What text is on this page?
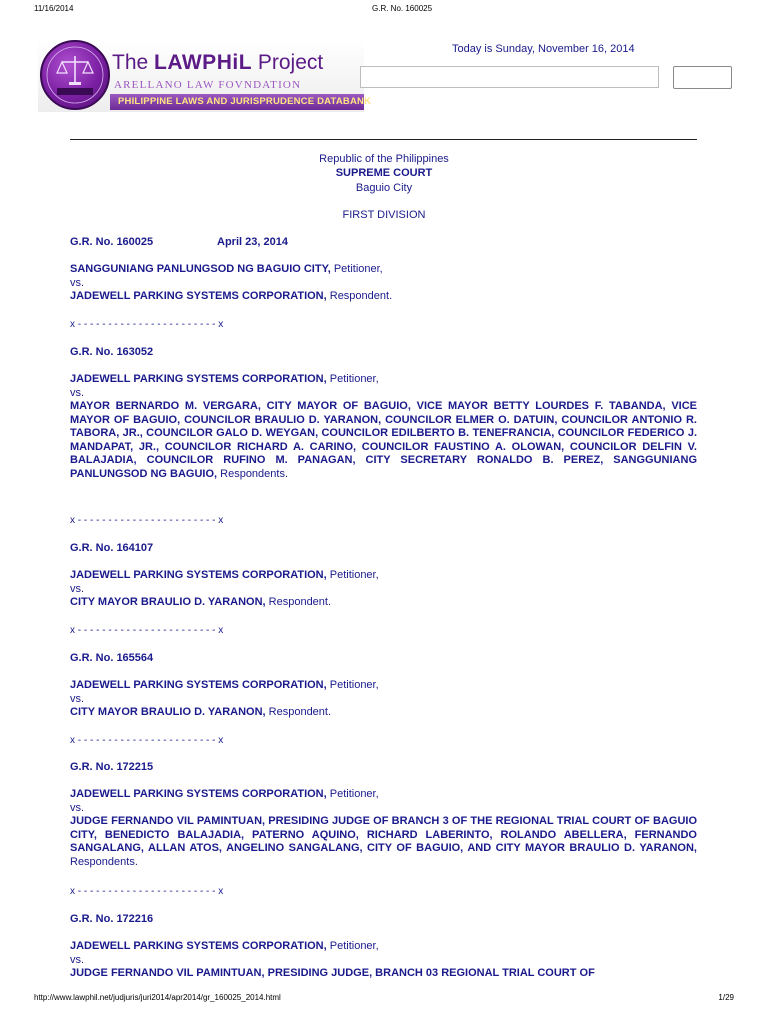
11/16/2014	G.R. No. 160025
The LAWPHiL Project
ARELLANO LAW FOVNDATION
PHILIPPINE LAWS AND JURISPRUDENCE DATABANK
Today is Sunday, November 16, 2014
Republic of the Philippines
SUPREME COURT
Baguio City
FIRST DIVISION
G.R. No. 160025	April 23, 2014
SANGGUNIANG PANLUNGSOD NG BAGUIO CITY, Petitioner,
vs.
JADEWELL PARKING SYSTEMS CORPORATION, Respondent.
x - - - - - - - - - - - - - - - - - - - - - - - x
G.R. No. 163052
JADEWELL PARKING SYSTEMS CORPORATION, Petitioner,
vs.
MAYOR BERNARDO M. VERGARA, CITY MAYOR OF BAGUIO, VICE MAYOR BETTY LOURDES F. TABANDA, VICE MAYOR OF BAGUIO, COUNCILOR BRAULIO D. YARANON, COUNCILOR ELMER O. DATUIN, COUNCILOR ANTONIO R. TABORA, JR., COUNCILOR GALO D. WEYGAN, COUNCILOR EDILBERTO B. TENEFRANCIA, COUNCILOR FEDERICO J. MANDAPAT, JR., COUNCILOR RICHARD A. CARINO, COUNCILOR FAUSTINO A. OLOWAN, COUNCILOR DELFIN V. BALAJADIA, COUNCILOR RUFINO M. PANAGAN, CITY SECRETARY RONALDO B. PEREZ, SANGGUNIANG PANLUNGSOD NG BAGUIO, Respondents.
x - - - - - - - - - - - - - - - - - - - - - - - x
G.R. No. 164107
JADEWELL PARKING SYSTEMS CORPORATION, Petitioner,
vs.
CITY MAYOR BRAULIO D. YARANON, Respondent.
x - - - - - - - - - - - - - - - - - - - - - - - x
G.R. No. 165564
JADEWELL PARKING SYSTEMS CORPORATION, Petitioner,
vs.
CITY MAYOR BRAULIO D. YARANON, Respondent.
x - - - - - - - - - - - - - - - - - - - - - - - x
G.R. No. 172215
JADEWELL PARKING SYSTEMS CORPORATION, Petitioner,
vs.
JUDGE FERNANDO VIL PAMINTUAN, PRESIDING JUDGE OF BRANCH 3 OF THE REGIONAL TRIAL COURT OF BAGUIO CITY, BENEDICTO BALAJADIA, PATERNO AQUINO, RICHARD LABERINTO, ROLANDO ABELLERA, FERNANDO SANGALANG, ALLAN ATOS, ANGELINO SANGALANG, CITY OF BAGUIO, AND CITY MAYOR BRAULIO D. YARANON, Respondents.
x - - - - - - - - - - - - - - - - - - - - - - - x
G.R. No. 172216
JADEWELL PARKING SYSTEMS CORPORATION, Petitioner,
vs.
JUDGE FERNANDO VIL PAMINTUAN, PRESIDING JUDGE, BRANCH 03 REGIONAL TRIAL COURT OF
http://www.lawphil.net/judjuris/juri2014/apr2014/gr_160025_2014.html	1/29
